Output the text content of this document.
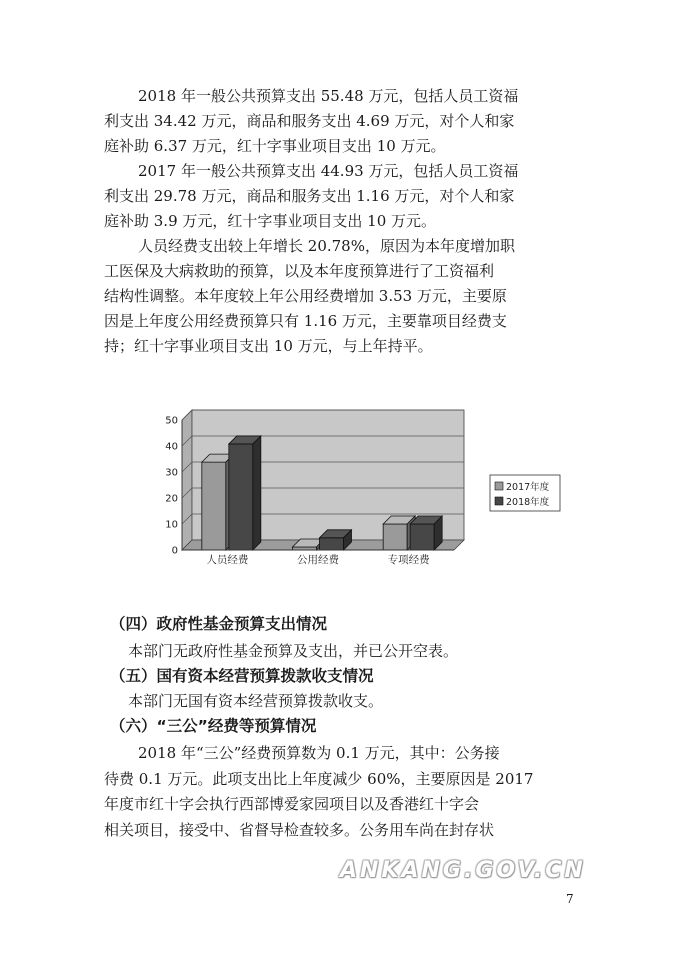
2018 年一般公共预算支出 55.48 万元，包括人员工资福
利支出 34.42 万元，商品和服务支出 4.69 万元，对个人和家
庭补助 6.37 万元，红十字事业项目支出 10 万元。
2017 年一般公共预算支出 44.93 万元，包括人员工资福
利支出 29.78 万元，商品和服务支出 1.16 万元，对个人和家
庭补助 3.9 万元，红十字事业项目支出 10 万元。
人员经费支出较上年增长 20.78%，原因为本年度增加职
工医保及大病救助的预算，以及本年度预算进行了工资福利
结构性调整。本年度较上年公用经费增加 3.53 万元，主要原
因是上年度公用经费预算只有 1.16 万元，主要靠项目经费支
持；红十字事业项目支出 10 万元，与上年持平。
0
10
20
30
40
50
人员经费	公用经费	专项经费
2017年度
2018年度
（四）政府性基金预算支出情况
本部门无政府性基金预算及支出，并已公开空表。
（五）国有资本经营预算拨款收支情况
本部门无国有资本经营预算拨款收支。
（六）“三公”经费等预算情况
2018 年“三公”经费预算数为 0.1 万元，其中：公务接
待费 0.1 万元。此项支出比上年度减少 60%，主要原因是 2017
年度市红十字会执行西部博爱家园项目以及香港红十字会
相关项目，接受中、省督导检查较多。公务用车尚在封存状
ANKANG.GOV.CN
7
